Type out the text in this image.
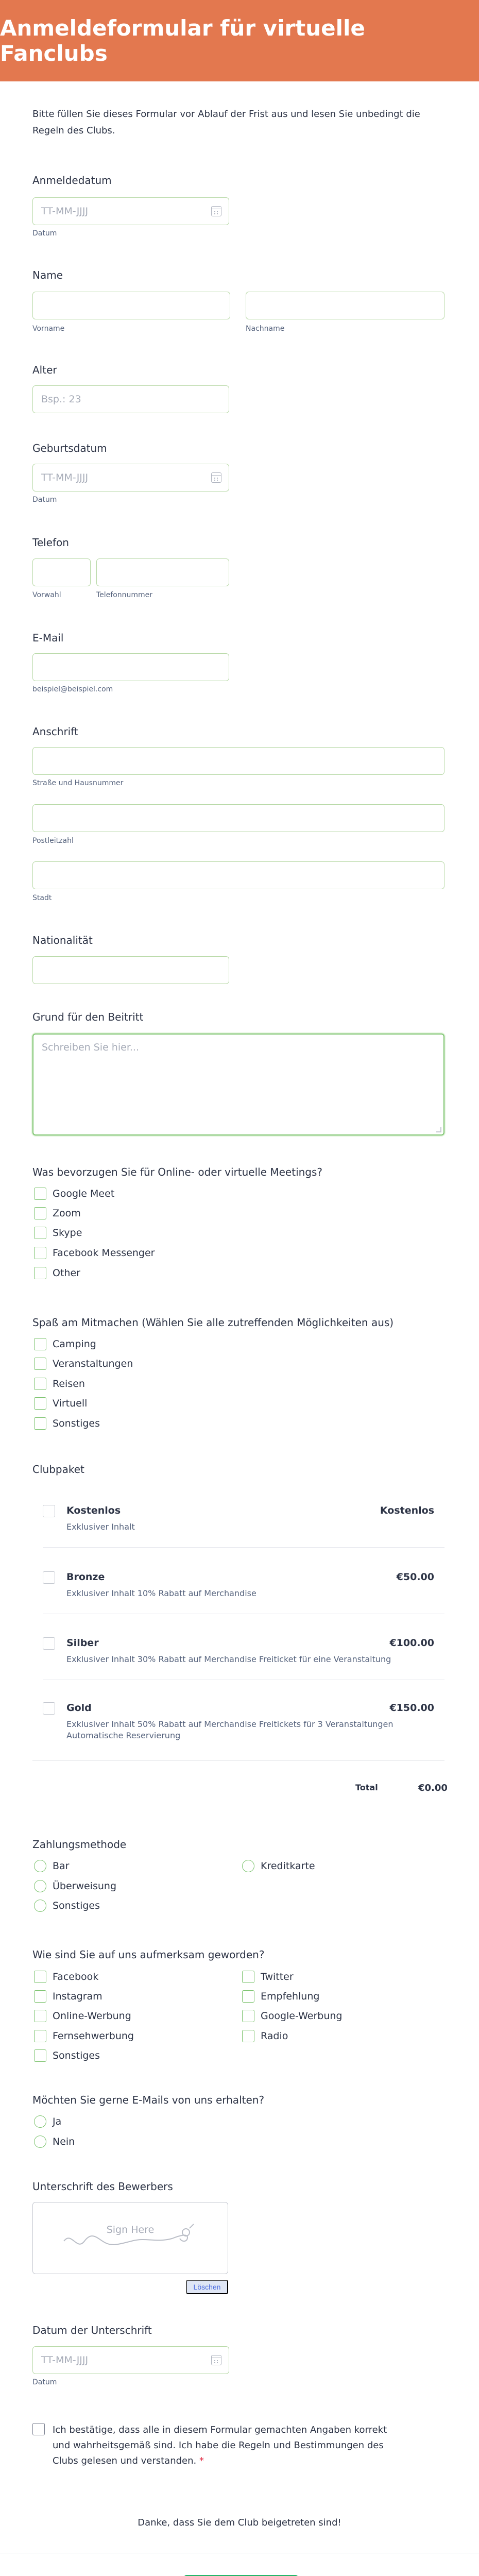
Anmeldeformular für virtuelle Fanclubs
Bitte füllen Sie dieses Formular vor Ablauf der Frist aus und lesen Sie unbedingt die Regeln des Clubs.
Anmeldedatum
TT-MM-JJJJ
Datum
Name
Vorname	Nachname
Alter
Bsp.: 23
Geburtsdatum
TT-MM-JJJJ
Datum
Telefon
Vorwahl	Telefonnummer
E-Mail
beispiel@beispiel.com
Anschrift
Straße und Hausnummer
Postleitzahl
Stadt
Nationalität
Grund für den Beitritt
Schreiben Sie hier...
Was bevorzugen Sie für Online- oder virtuelle Meetings?
Google Meet
Zoom
Skype
Facebook Messenger
Other
Spaß am Mitmachen (Wählen Sie alle zutreffenden Möglichkeiten aus)
Camping
Veranstaltungen
Reisen
Virtuell
Sonstiges
Clubpaket
Kostenlos
Exklusiver Inhalt
Kostenlos
Bronze
Exklusiver Inhalt 10% Rabatt auf Merchandise
€50.00
Silber
Exklusiver Inhalt 30% Rabatt auf Merchandise Freiticket für eine Veranstaltung
€100.00
Gold
Exklusiver Inhalt 50% Rabatt auf Merchandise Freitickets für 3 Veranstaltungen Automatische Reservierung
€150.00
Total	€0.00
Zahlungsmethode
Bar	Kreditkarte
Überweisung
Sonstiges
Wie sind Sie auf uns aufmerksam geworden?
Facebook	Twitter
Instagram	Empfehlung
Online-Werbung	Google-Werbung
Fernsehwerbung	Radio
Sonstiges
Möchten Sie gerne E-Mails von uns erhalten?
Ja
Nein
Unterschrift des Bewerbers
Sign Here
Löschen
Datum der Unterschrift
TT-MM-JJJJ
Datum
Ich bestätige, dass alle in diesem Formular gemachten Angaben korrekt und wahrheitsgemäß sind. Ich habe die Regeln und Bestimmungen des Clubs gelesen und verstanden. *
Danke, dass Sie dem Club beigetreten sind!
